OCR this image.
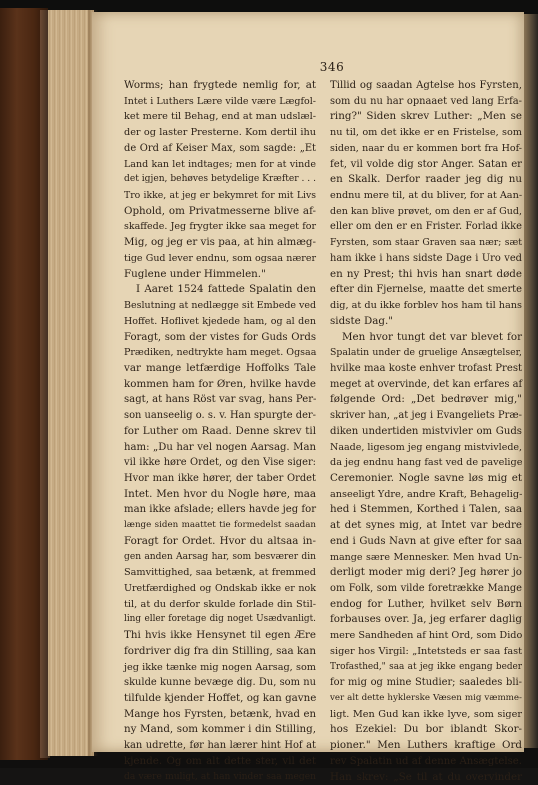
346
Worms; han frygtede nemlig for, at
Intet i Luthers Lære vilde være Lægfol-
ket mere til Behag, end at man udslæl-
der og laster Presterne. Kom dertil ihu
de Ord af Keiser Max, som sagde: „Et
Land kan let indtages; men for at vinde
det igjen, behøves betydelige Kræfter . . .
Tro ikke, at jeg er bekymret for mit Livs
Ophold, om Privatmesserne blive af-
skaffede. Jeg frygter ikke saa meget for
Mig, og jeg er vis paa, at hin almæg-
tige Gud lever endnu, som ogsaa nærer
Fuglene under Himmelen."
I Aaret 1524 fattede Spalatin den
Beslutning at nedlægge sit Embede ved
Hoffet. Hoflivet kjedede ham, og al den
Foragt, som der vistes for Guds Ords
Prædiken, nedtrykte ham meget. Ogsaa
var mange letfærdige Hoffolks Tale
kommen ham for Øren, hvilke havde
sagt, at hans Röst var svag, hans Per-
son uanseelig o. s. v. Han spurgte der-
for Luther om Raad. Denne skrev til
ham: „Du har vel nogen Aarsag. Man
vil ikke høre Ordet, og den Vise siger:
Hvor man ikke hører, der taber Ordet
Intet. Men hvor du Nogle høre, maa
man ikke afslade; ellers havde jeg for
længe siden maattet tie formedelst saadan
Foragt for Ordet. Hvor du altsaa in-
gen anden Aarsag har, som besværer din
Samvittighed, saa betænk, at fremmed
Uretfærdighed og Ondskab ikke er nok
til, at du derfor skulde forlade din Stil-
ling eller foretage dig noget Usædvanligt.
Thi hvis ikke Hensynet til egen Ære
fordriver dig fra din Stilling, saa kan
jeg ikke tænke mig nogen Aarsag, som
skulde kunne bevæge dig. Du, som nu
tilfulde kjender Hoffet, og kan gavne
Mange hos Fyrsten, betænk, hvad en
ny Mand, som kommer i din Stilling,
kan udrette, før han lærer hint Hof at
kjende. Og om alt dette ster, vil det
da være muligt, at han vinder saa megen
Tillid og saadan Agtelse hos Fyrsten,
som du nu har opnaaet ved lang Erfa-
ring?" Siden skrev Luther: „Men se
nu til, om det ikke er en Fristelse, som
siden, naar du er kommen bort fra Hof-
fet, vil volde dig stor Anger. Satan er
en Skalk. Derfor raader jeg dig nu
endnu mere til, at du bliver, for at Aan-
den kan blive prøvet, om den er af Gud,
eller om den er en Frister. Forlad ikke
Fyrsten, som staar Graven saa nær; sæt
ham ikke i hans sidste Dage i Uro ved
en ny Prest; thi hvis han snart døde
efter din Fjernelse, maatte det smerte
dig, at du ikke forblev hos ham til hans
sidste Dag."
Men hvor tungt det var blevet for
Spalatin under de gruelige Ansægtelser,
hvilke maa koste enhver trofast Prest
meget at overvinde, det kan erfares af
følgende Ord: „Det bedrøver mig,"
skriver han, „at jeg i Evangeliets Præ-
diken undertiden mistvivler om Guds
Naade, ligesom jeg engang mistvivlede,
da jeg endnu hang fast ved de pavelige
Ceremonier. Nogle savne løs mig et
anseeligt Ydre, andre Kraft, Behagelig-
hed i Stemmen, Korthed i Talen, saa
at det synes mig, at Intet var bedre
end i Guds Navn at give efter for saa
mange sære Mennesker. Men hvad Un-
derligt moder mig deri? Jeg hører jo
om Folk, som vilde foretrække Mange
endog for Luther, hvilket selv Børn
forbauses over. Ja, jeg erfarer daglig
mere Sandheden af hint Ord, som Dido
siger hos Virgil: „Intetsteds er saa fast
Trofasthed," saa at jeg ikke engang beder
for mig og mine Studier; saaledes bli-
ver alt dette hyklerske Væsen mig væmme-
ligt. Men Gud kan ikke lyve, som siger
hos Ezekiel: Du bor iblandt Skor-
pioner." Men Luthers kraftige Ord
rev Spalatin ud af denne Ansægtelse.
Han skrev: „Se til at du overvinder
